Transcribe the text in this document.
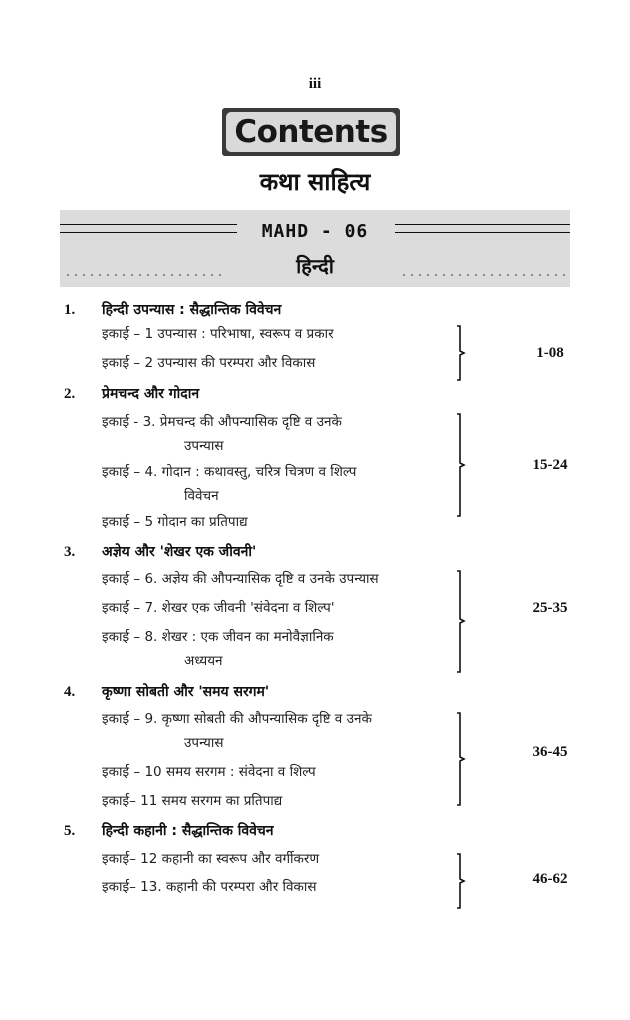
iii
Contents
कथा साहित्य
MAHD - 06
हिन्दी
1. हिन्दी उपन्यास : सैद्धान्तिक विवेचन
इकाई – 1 उपन्यास : परिभाषा, स्वरूप व प्रकार
इकाई – 2 उपन्यास की परम्परा और विकास
1-08
2. प्रेमचन्द और गोदान
इकाई - 3. प्रेमचन्द की औपन्यासिक दृष्टि व उनके
उपन्यास
इकाई – 4. गोदान : कथावस्तु, चरित्र चित्रण व शिल्प
विवेचन
इकाई – 5 गोदान का प्रतिपाद्य
15-24
3. अज्ञेय और 'शेखर एक जीवनी'
इकाई – 6. अज्ञेय की औपन्यासिक दृष्टि व उनके उपन्यास
इकाई – 7. शेखर एक जीवनी 'संवेदना व शिल्प'
इकाई – 8. शेखर : एक जीवन का मनोवैज्ञानिक
अध्ययन
25-35
4. कृष्णा सोबती और 'समय सरगम'
इकाई – 9. कृष्णा सोबती की औपन्यासिक दृष्टि व उनके
उपन्यास
इकाई – 10 समय सरगम : संवेदना व शिल्प
इकाई– 11 समय सरगम का प्रतिपाद्य
36-45
5. हिन्दी कहानी : सैद्धान्तिक विवेचन
इकाई– 12 कहानी का स्वरूप और वर्गीकरण
इकाई– 13. कहानी की परम्परा और विकास	46-62
